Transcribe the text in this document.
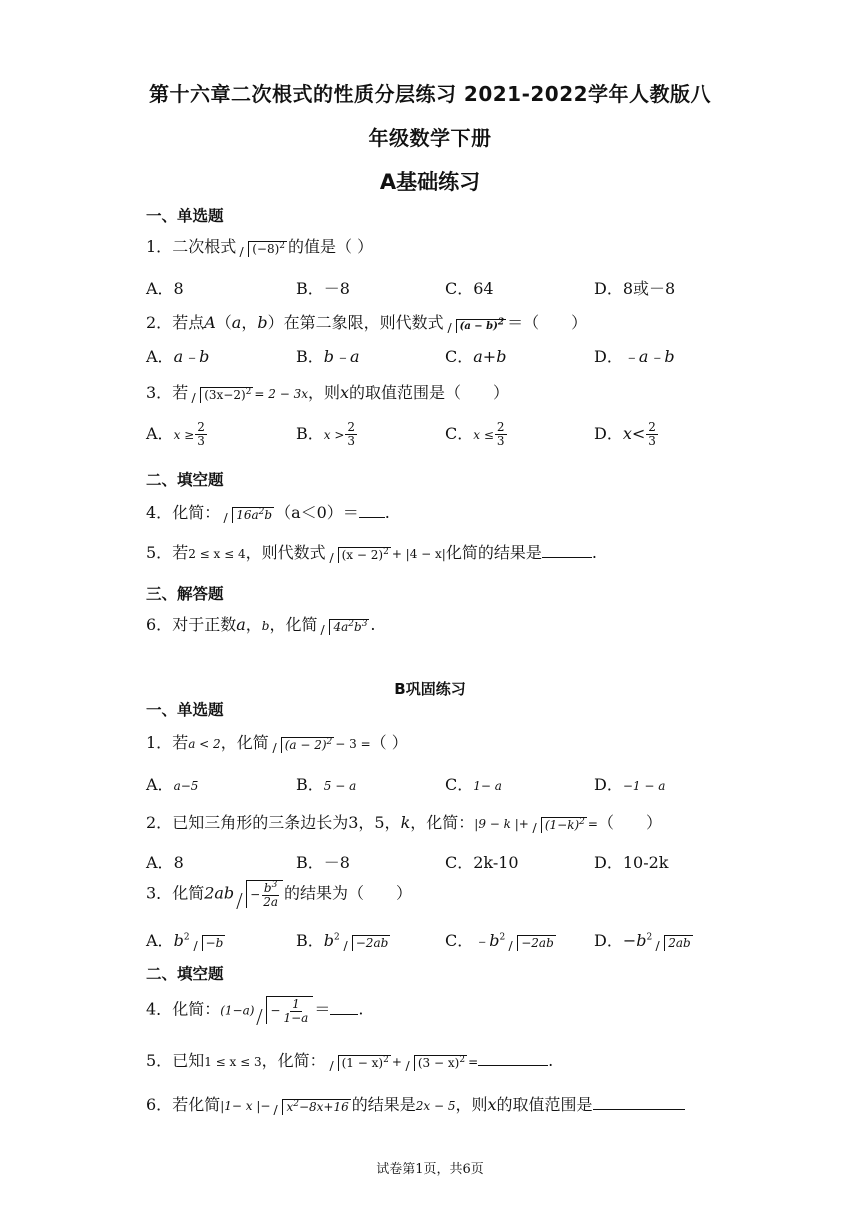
第十六章二次根式的性质分层练习 2021-2022学年人教版八
年级数学下册
A基础练习
一、单选题
1．二次根式 $(-8)^2$ 的值是（ ）
A．8	B．－8	C．64	D．8或－8
2．若点A（a，b）在第二象限，则代数式 $(a - b)^2$ ＝（　　）
A．a﹣b	B．b﹣a	C．a+b	D．﹣a﹣b
3．若 $(3x-2)^2 = 2 - 3x$，则x的取值范围是（　　）
A．$x \ge \frac{2}{3}$	B．$x > \frac{2}{3}$	C．$x \le \frac{2}{3}$	D．$x< \frac{2}{3}$
二、填空题
4．化简： $16a^2b$ （a＜0）＝ .
5．若2 ≤ x ≤ 4，则代数式 $(x - 2)^2 + |4 - x|$化简的结果是	.
三、解答题
6．对于正数a，b，化简 $4a^2b^3$ .
B巩固练习
一、单选题
1．若a < 2，化简 $(a - 2)^2 - 3$ =（ ）
A．a−5	B．5 − a	C．1− a	D．−1 − a
2．已知三角形的三条边长为3，5，k，化简：|9 − k |+ $(1-k)^2$ =（　　）
A．8	B．－8	C．2k-10	D．10-2k
3．化简$2ab - \frac{b^3}{2a}$ 的结果为（　　）
A．$b^2 -b$	B．$b^2 -2ab$	C．$﹣b^2 -2ab$	D．$-b^2$ 2ab
二、填空题
4．化简：$(1-a) - \frac{1}{1-a}$ ＝ .
5．已知1 ≤ x ≤ 3，化简： $(1 - x)^2 + (3 - x)^2$ =	.
6．若化简|1− x |− $x^2-8x+16$ 的结果是2x − 5，则x的取值范围是
试卷第1页，共6页
